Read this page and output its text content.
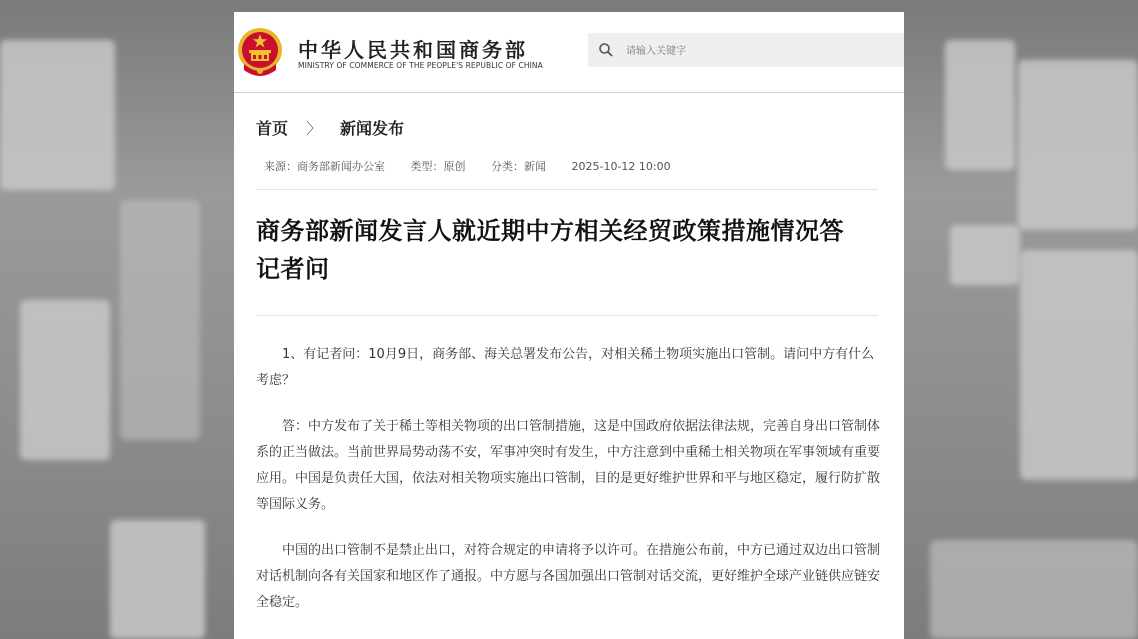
中华人民共和国商务部
MINISTRY OF COMMERCE OF THE PEOPLE'S REPUBLIC OF CHINA
请输入关键字
首页 〉 新闻发布
来源：商务部新闻办公室 类型：原创 分类：新闻 2025-10-12 10:00
商务部新闻发言人就近期中方相关经贸政策措施情况答记者问

1、有记者问：10月9日，商务部、海关总署发布公告，对相关稀土物项实施出口管制。请问中方有什么考虑？

答：中方发布了关于稀土等相关物项的出口管制措施，这是中国政府依据法律法规，完善自身出口管制体系的正当做法。当前世界局势动荡不安，军事冲突时有发生，中方注意到中重稀土相关物项在军事领域有重要应用。中国是负责任大国，依法对相关物项实施出口管制，目的是更好维护世界和平与地区稳定，履行防扩散等国际义务。

中国的出口管制不是禁止出口，对符合规定的申请将予以许可。在措施公布前，中方已通过双边出口管制对话机制向各有关国家和地区作了通报。中方愿与各国加强出口管制对话交流，更好维护全球产业链供应链安全稳定。
